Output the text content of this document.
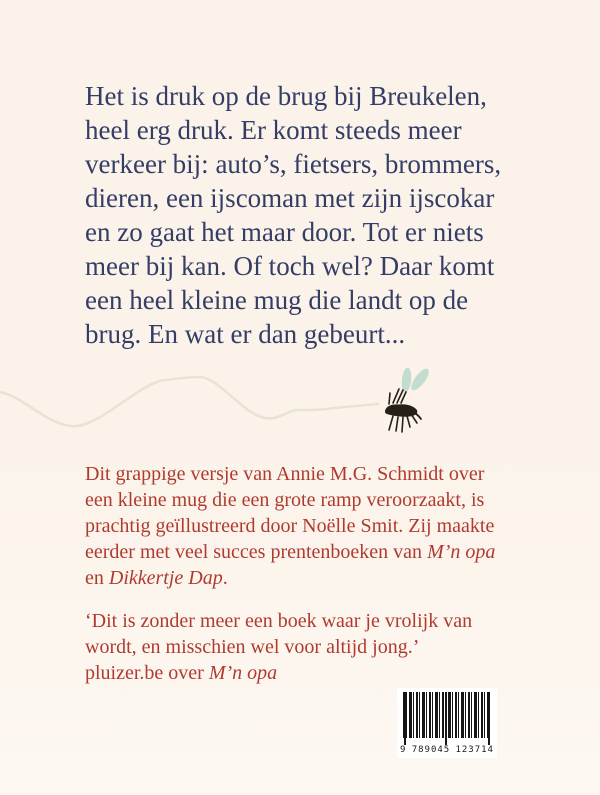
Het is druk op de brug bij Breukelen,
heel erg druk. Er komt steeds meer
verkeer bij: auto’s, fietsers, brommers,
dieren, een ijscoman met zijn ijscokar
en zo gaat het maar door. Tot er niets
meer bij kan. Of toch wel? Daar komt
een heel kleine mug die landt op de
brug. En wat er dan gebeurt...
Dit grappige versje van Annie M.G. Schmidt over
een kleine mug die een grote ramp veroorzaakt, is
prachtig geïllustreerd door Noëlle Smit. Zij maakte
eerder met veel succes prentenboeken van M’n opa
en Dikkertje Dap.
‘Dit is zonder meer een boek waar je vrolijk van
wordt, en misschien wel voor altijd jong.’
pluizer.be over M’n opa
9 789045 123714
